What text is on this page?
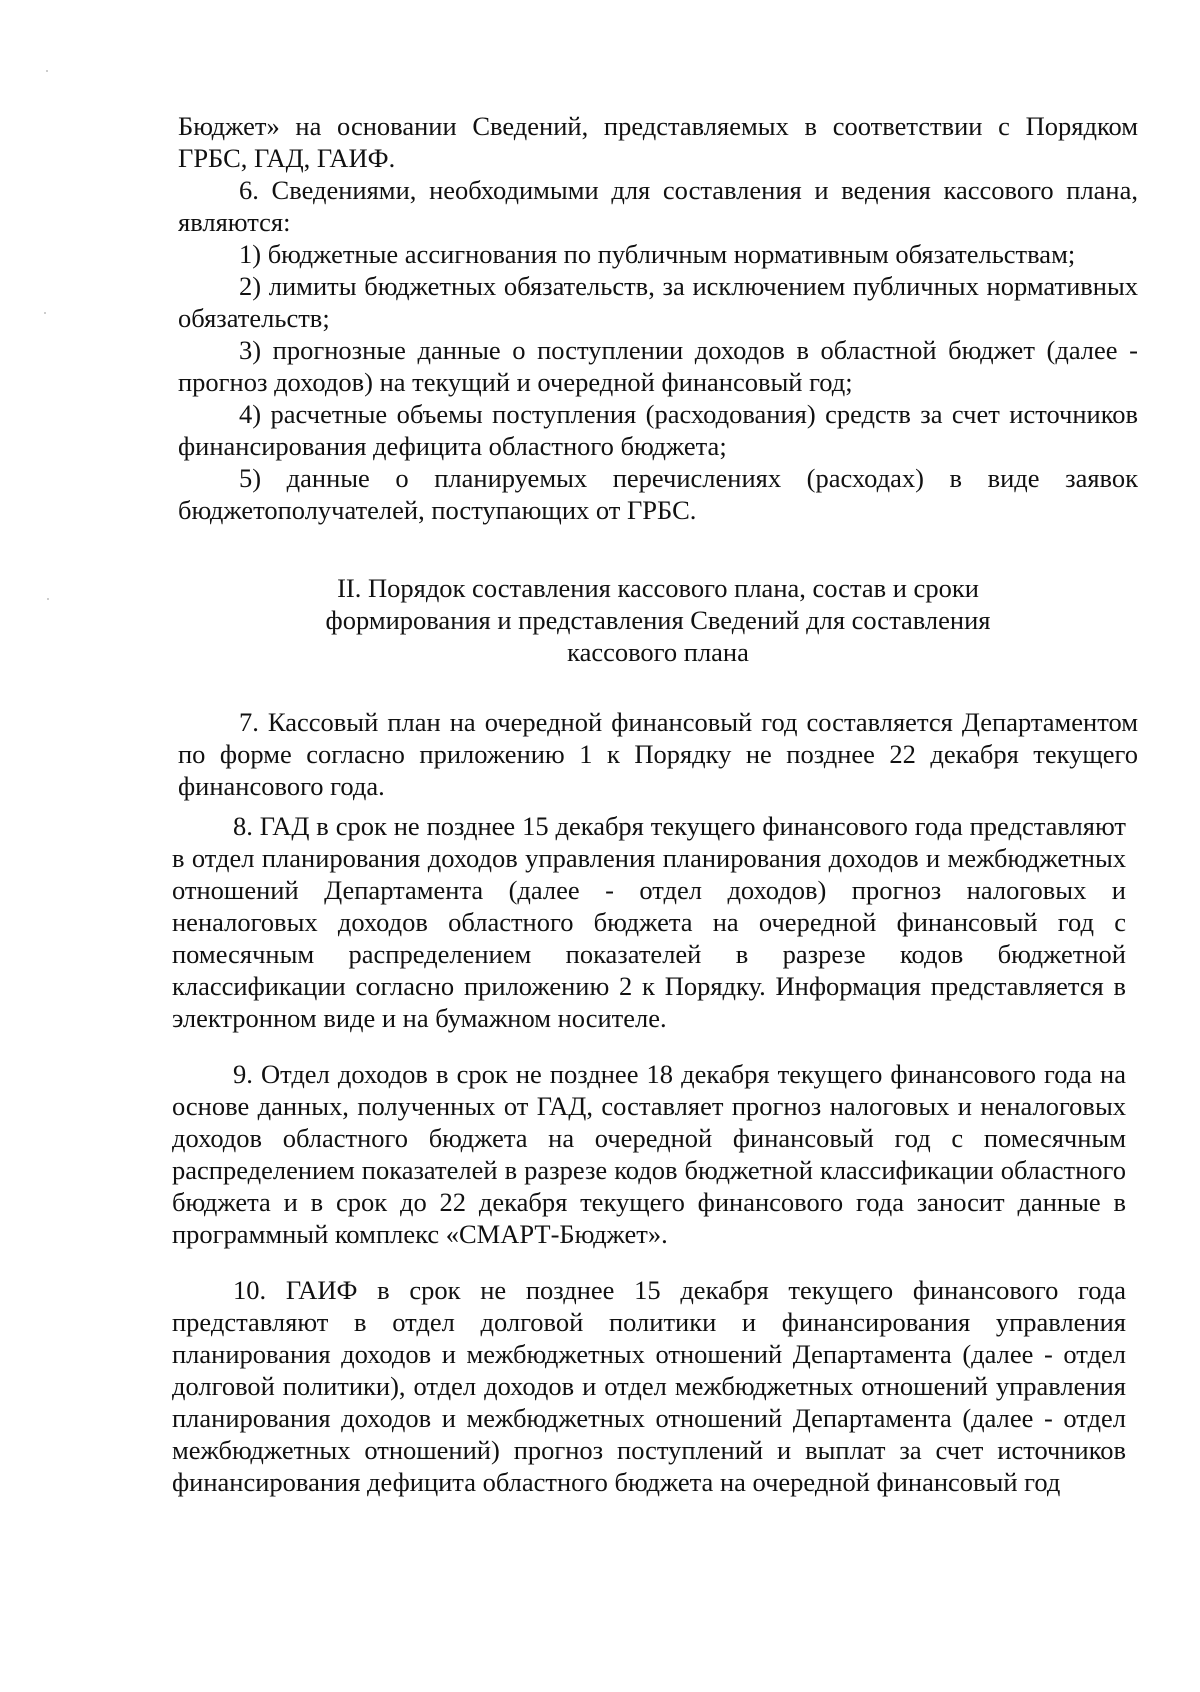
Бюджет» на основании Сведений, представляемых в соответствии с Порядком ГРБС, ГАД, ГАИФ.

6. Сведениями, необходимыми для составления и ведения кассового плана, являются:

1) бюджетные ассигнования по публичным нормативным обязательствам;

2) лимиты бюджетных обязательств, за исключением публичных нормативных обязательств;

3) прогнозные данные о поступлении доходов в областной бюджет (далее - прогноз доходов) на текущий и очередной финансовый год;

4) расчетные объемы поступления (расходования) средств за счет источников финансирования дефицита областного бюджета;

5) данные о планируемых перечислениях (расходах) в виде заявок бюджетополучателей, поступающих от ГРБС.

II. Порядок составления кассового плана, состав и сроки
формирования и представления Сведений для составления
кассового плана

7. Кассовый план на очередной финансовый год составляется Департаментом по форме согласно приложению 1 к Порядку не позднее 22 декабря текущего финансового года.

8. ГАД в срок не позднее 15 декабря текущего финансового года представляют в отдел планирования доходов управления планирования доходов и межбюджетных отношений Департамента (далее - отдел доходов) прогноз налоговых и неналоговых доходов областного бюджета на очередной финансовый год с помесячным распределением показателей в разрезе кодов бюджетной классификации согласно приложению 2 к Порядку. Информация представляется в электронном виде и на бумажном носителе.

9. Отдел доходов в срок не позднее 18 декабря текущего финансового года на основе данных, полученных от ГАД, составляет прогноз налоговых и неналоговых доходов областного бюджета на очередной финансовый год с помесячным распределением показателей в разрезе кодов бюджетной классификации областного бюджета и в срок до 22 декабря текущего финансового года заносит данные в программный комплекс «СМАРТ-Бюджет».

10. ГАИФ в срок не позднее 15 декабря текущего финансового года представляют в отдел долговой политики и финансирования управления планирования доходов и межбюджетных отношений Департамента (далее - отдел долговой политики), отдел доходов и отдел межбюджетных отношений управления планирования доходов и межбюджетных отношений Департамента (далее - отдел межбюджетных отношений) прогноз поступлений и выплат за счет источников финансирования дефицита областного бюджета на очередной финансовый год
